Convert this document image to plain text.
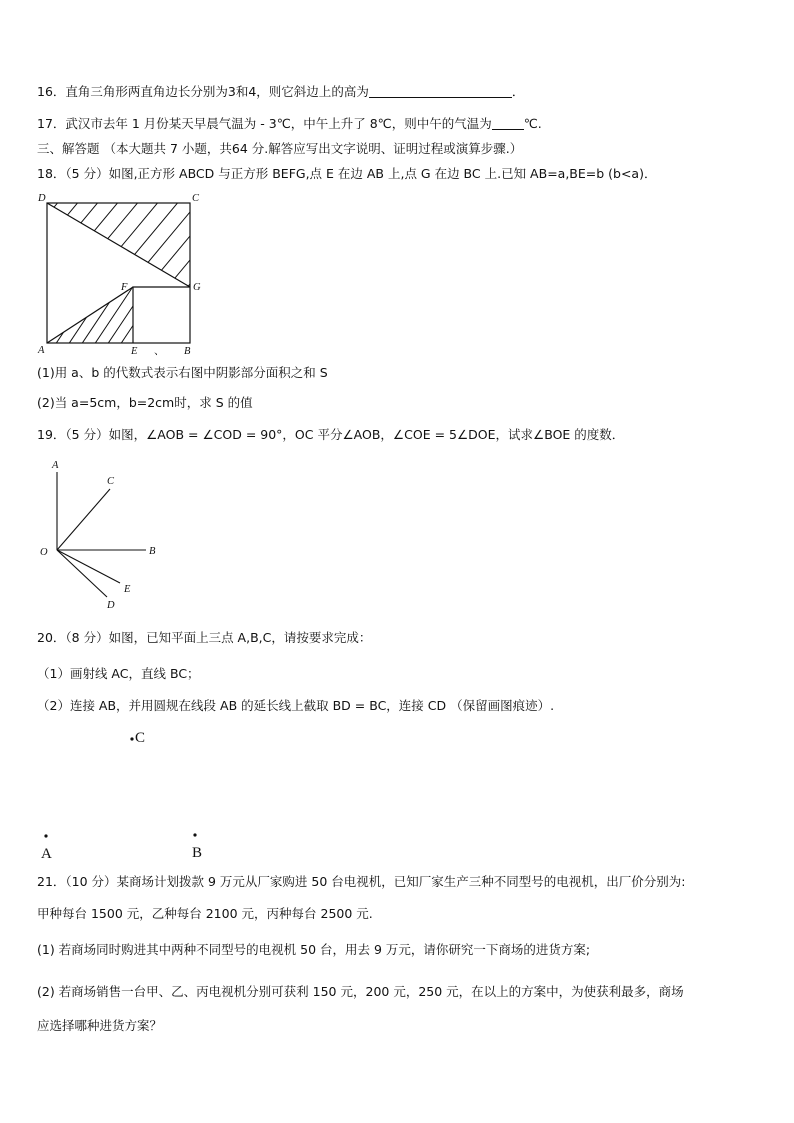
16．直角三角形两直角边长分别为3和4，则它斜边上的高为	．
17．武汉市去年 1 月份某天早晨气温为 - 3℃，中午上升了 8℃，则中午的气温为	℃.
三、解答题 （本大题共 7 小题，共64 分.解答应写出文字说明、证明过程或演算步骤.）
18．（5 分）如图,正方形 ABCD 与正方形 BEFG,点 E 在边 AB 上,点 G 在边 BC 上.已知 AB=a,BE=b (b<a)．
D	C
F	G
A	E 、 B
(1)用 a、b 的代数式表示右图中阴影部分面积之和 S
(2)当 a=5cm，b=2cm时，求 S 的值
19．（5 分）如图，∠AOB = ∠COD = 90°，OC 平分∠AOB，∠COE = 5∠DOE，试求∠BOE 的度数．
A
C
O	B
E
D
20．（8 分）如图，已知平面上三点 A,B,C，请按要求完成：
（1）画射线 AC，直线 BC；
（2）连接 AB，并用圆规在线段 AB 的延长线上截取 BD = BC，连接 CD （保留画图痕迹）.
C
A	B
21．（10 分）某商场计划拨款 9 万元从厂家购进 50 台电视机，已知厂家生产三种不同型号的电视机，出厂价分别为:
甲种每台 1500 元，乙种每台 2100 元，丙种每台 2500 元.
(1) 若商场同时购进其中两种不同型号的电视机 50 台，用去 9 万元，请你研究一下商场的进货方案;
(2) 若商场销售一台甲、乙、丙电视机分别可获利 150 元，200 元，250 元，在以上的方案中，为使获利最多，商场
应选择哪种进货方案？
